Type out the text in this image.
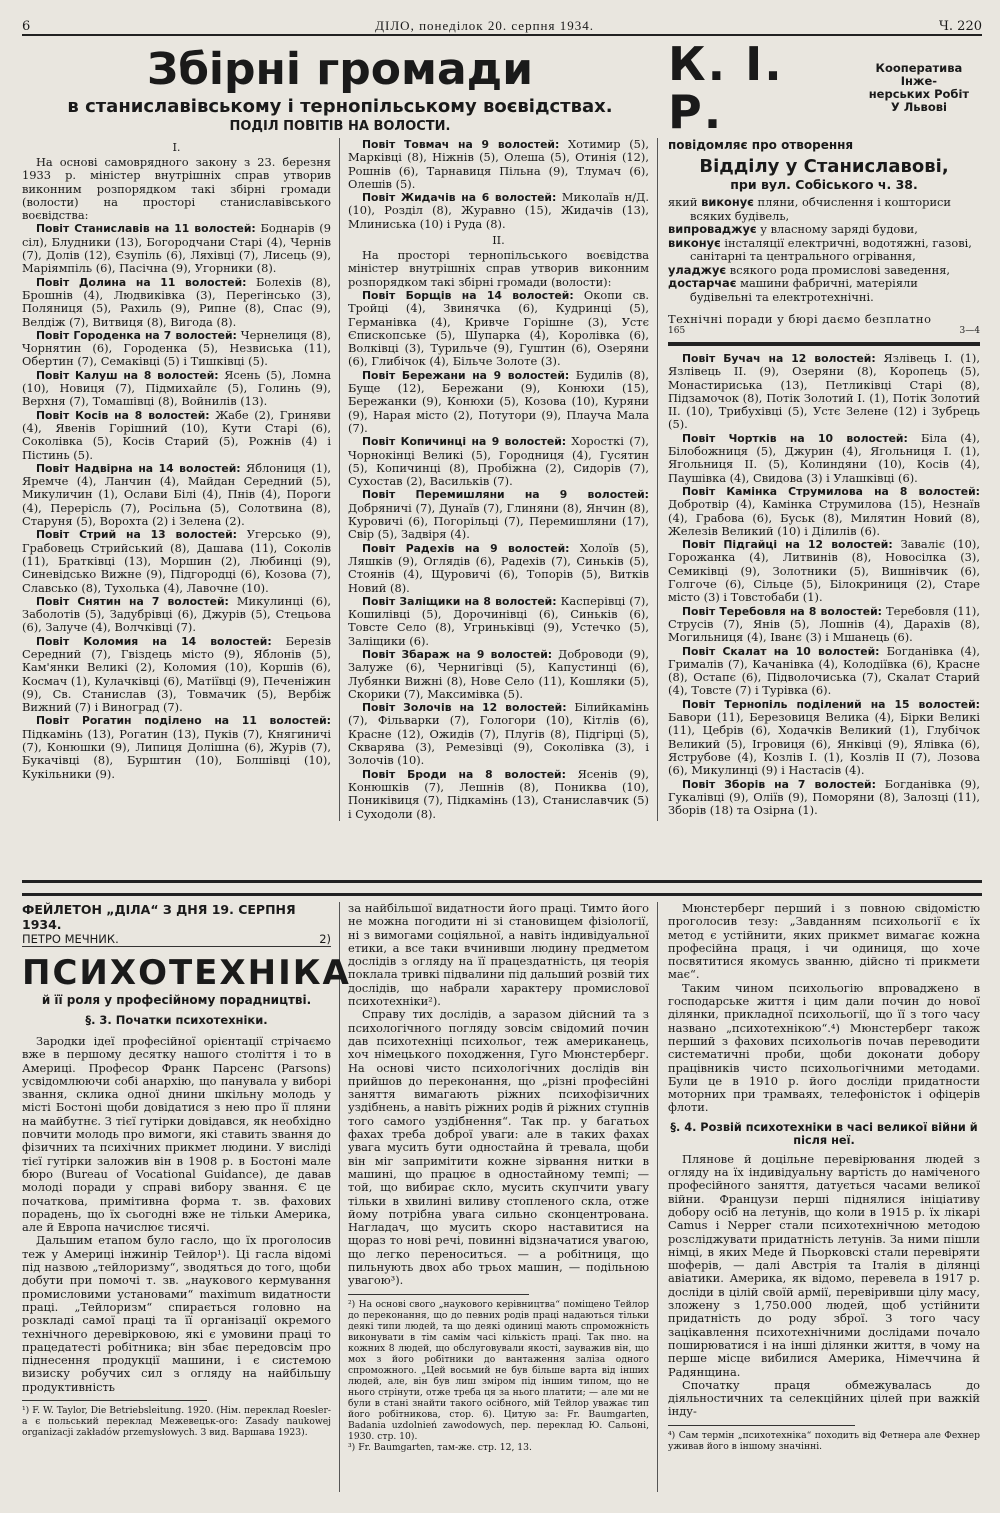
6	ДІЛО, понеділок 20. серпня 1934.	Ч. 220
Збірні громади
в станиславівському і тернопільському воєвідствах.
ПОДІЛ ПОВІТІВ НА ВОЛОСТИ.

I.

На основі самоврядного закону з 23. березня 1933 р. міністер внутрішніх справ утворив виконним розпорядком такі збірні громади (волости) на просторі станиславівського воєвідства:

Повіт Станиславів на 11 волостей: Боднарів (9 сіл), Блудники (13), Богородчани Старі (4), Чернів (7), Долів (12), Єзупіль (6), Ляхівці (7), Лисець (9), Маріямпіль (6), Пасічна (9), Угорники (8).

Повіт Долина на 11 волостей: Болехів (8), Брошнів (4), Людвиківка (3), Перегінсько (3), Поляниця (5), Рахиль (9), Рипне (8), Спас (9), Велдіж (7), Витвиця (8), Вигода (8).

Повіт Городенка на 7 волостей: Чернелиця (8), Чорнятин (6), Городенка (5), Незвиська (11), Обертин (7), Семаківці (5) і Тишківці (5).

Повіт Калуш на 8 волостей: Ясень (5), Ломна (10), Новиця (7), Підмихайлє (5), Голинь (9), Верхня (7), Томашівці (8), Войнилів (13).

Повіт Косів на 8 волостей: Жабе (2), Гриняви (4), Явенів Горішний (10), Кути Старі (6), Соколівка (5), Косів Старий (5), Рожнів (4) і Пістинь (5).

Повіт Надвірна на 14 волостей: Яблониця (1), Яремче (4), Ланчин (4), Майдан Середний (5), Микуличин (1), Ослави Білі (4), Пнів (4), Пороги (4), Перерісль (7), Росільна (5), Солотвина (8), Старуня (5), Ворохта (2) і Зелена (2).

Повіт Стрий на 13 волостей: Угерсько (9), Грабовець Стрийський (8), Дашава (11), Соколів (11), Братківці (13), Моршин (2), Любинці (9), Синевідсько Вижне (9), Підгородці (6), Козова (7), Славсько (8), Тухолька (4), Лавочне (10).

Повіт Снятин на 7 волостей: Микулинці (6), Заболотів (5), Задубрівці (6), Джурів (5), Стецьова (6), Залуче (4), Волчківці (7).

Повіт Коломия на 14 волостей: Березів Середний (7), Гвіздець місто (9), Яблонів (5), Кам'янки Великі (2), Коломия (10), Коршів (6), Космач (1), Кулачківці (6), Матіївці (9), Печеніжин (9), Св. Станислав (3), Товмачик (5), Вербіж Вижний (7) і Виноград (7).

Повіт Рогатин поділено на 11 волостей: Підкамінь (13), Рогатин (13), Пуків (7), Княгиничі (7), Конюшки (9), Липиця Долішна (6), Журів (7), Букачівці (8), Бурштин (10), Болшівці (10), Кукільники (9).

Повіт Товмач на 9 волостей: Хотимир (5), Марківці (8), Ніжнів (5), Олеша (5), Отинія (12), Рошнів (6), Тарнавиця Пільна (9), Тлумач (6), Олешів (5).

Повіт Жидачів на 6 волостей: Миколаїв н/Д. (10), Розділ (8), Журавно (15), Жидачів (13), Млиниська (10) і Руда (8).

II.

На просторі тернопільського воєвідства міністер внутрішніх справ утворив виконним розпорядком такі збірні громади (волости):

Повіт Борщів на 14 волостей: Окопи св. Тройці (4), Звинячка (6), Кудринці (5), Германівка (4), Кривче Горішне (3), Устє Єпископське (5), Шупарка (4), Королівка (6), Волківці (3), Турильче (9), Гуштин (6), Озеряни (6), Глибічок (4), Більче Золоте (3).

Повіт Бережани на 9 волостей: Будилів (8), Буще (12), Бережани (9), Конюхи (15), Бережанки (9), Конюхи (5), Козова (10), Куряни (9), Нарая місто (2), Потутори (9), Плауча Мала (7).

Повіт Копичинці на 9 волостей: Хоросткі (7), Чорнокінці Великі (5), Городниця (4), Гусятин (5), Копичинці (8), Пробіжна (2), Сидорів (7), Сухостав (2), Васильків (7).

Повіт Перемишляни на 9 волостей: Добряничі (7), Дунаїв (7), Глиняни (8), Янчин (8), Куровичі (6), Погорільці (7), Перемишляни (17), Свір (5), Задвіря (4).

Повіт Радехів на 9 волостей: Холоїв (5), Ляшків (9), Оглядів (6), Радехів (7), Синьків (5), Стоянів (4), Щуровичі (6), Топорів (5), Витків Новий (8).

Повіт Заліщики на 8 волостей: Касперівці (7), Кошилівці (5), Дорочинівці (6), Синьків (6), Товсте Село (8), Угриньківці (9), Устечко (5), Заліщики (6).

Повіт Збараж на 9 волостей: Доброводи (9), Залуже (6), Чернигівці (5), Капустинці (6), Лубянки Вижні (8), Нове Село (11), Кошляки (5), Скорики (7), Максимівка (5).

Повіт Золочів на 12 волостей: Білийкамінь (7), Фільварки (7), Гологори (10), Кітлів (6), Красне (12), Ожидів (7), Плугів (8), Підгірці (5), Скварява (3), Ремезівці (9), Соколівка (3), і Золочів (10).

Повіт Броди на 8 волостей: Ясенів (9), Конюшків (7), Лешнів (8), Пониква (10), Пониківиця (7), Підкамінь (13), Станиславчик (5) і Суходоли (8).

К. І. Р.
Кооператива Інже-
нерських Робіт
У Львові
повідомляє про отворення
Відділу у Станиславові,
при вул. Собіського ч. 38.

який виконує пляни, обчислення і кошториси всяких будівель,

випроваджує у власному заряді будови,

виконує інсталяції електричні, водотяжні, газові, санітарні та центрального огрівання,

уладжує всякого рода промислові заведення,

достарчає машини фабричні, матеріяли будівельні та електротехнічні.

Технічні поради у бюрі даємо безплатно
165	3—4

Повіт Бучач на 12 волостей: Язлівець І. (1), Язлівець ІІ. (9), Озеряни (8), Коропець (5), Монастириська (13), Петликівці Старі (8), Підзамочок (8), Потік Золотий І. (1), Потік Золотий ІІ. (10), Трибухівці (5), Устє Зелене (12) і Зубрець (5).

Повіт Чортків на 10 волостей: Біла (4), Білобожниця (5), Джурин (4), Ягольниця І. (1), Ягольниця ІІ. (5), Колиндяни (10), Косів (4), Паушівка (4), Свидова (3) і Улашківці (6).

Повіт Камінка Струмилова на 8 волостей: Добротвір (4), Камінка Струмилова (15), Незнаїв (4), Грабова (6), Буськ (8), Милятин Новий (8), Железів Великий (10) і Ділилів (6).

Повіт Підгайці на 12 волостей: Заваліє (10), Горожанка (4), Литвинів (8), Новосілка (3), Семиківці (9), Золотники (5), Вишнівчик (6), Голгоче (6), Сільце (5), Білокриниця (2), Старе місто (3) і Товстобаби (1).

Повіт Теребовля на 8 волостей: Теребовля (11), Струсів (7), Янів (5), Лошнів (4), Дарахів (8), Могильниця (4), Іванє (3) і Мшанець (6).

Повіт Скалат на 10 волостей: Богданівка (4), Грималів (7), Качанівка (4), Колодіївка (6), Красне (8), Остапє (6), Підволочиська (7), Скалат Старий (4), Товсте (7) і Турівка (6).

Повіт Тернопіль поділений на 15 волостей: Бавори (11), Березовиця Велика (4), Бірки Великі (11), Цебрів (6), Ходачків Великий (1), Глубічок Великий (5), Ігровиця (6), Янківці (9), Ялівка (6), Яструбове (4), Козлів І. (1), Козлів ІІ (7), Лозова (6), Микулинці (9) і Настасів (4).

Повіт Зборів на 7 волостей: Богданівка (9), Гукалівці (9), Оліїв (9), Поморяни (8), Залозці (11), Зборів (18) та Озірна (1).

ФЕЙЛЕТОН „ДІЛА“ З ДНЯ 19. СЕРПНЯ 1934.
ПЕТРО МЕЧНИК.	2)
ПСИХОТЕХНІКА
й її роля у професійному порадництві.
§. 3. Початки психотехніки.

Зародки ідеї професійної орієнтації стрічаємо вже в першому десятку нашого століття і то в Америці. Професор Франк Парсенс (Parsons) усвідомлюючи собі анархію, що панувала у виборі звання, склика одної днини шкільну молодь у місті Бостоні щоби довідатися з нею про її пляни на майбутнє. З тієї гутірки довідався, як необхідно повчити молодь про вимоги, які ставить звання до фізичних та психічних прикмет людини. У висліді тієї гутірки заложив він в 1908 р. в Бостоні мале бюро (Bureau of Vocational Guidance), де давав молоді поради у справі вибору звання. Є це початкова, примітивна форма т. зв. фахових порадень, що їх сьогодні вже не тільки Америка, але й Европа начислює тисячі.

Дальшим етапом було гасло, що їх проголосив теж у Америці інжинір Тейлор¹). Ці гасла відомі під назвою „тейлоризму“, зводяться до того, щоби добути при помочі т. зв. „наукового кермування промисловими установами“ maximum видатности праці. „Тейлоризм“ спирається головно на розкладі самої праці та її організації окремого технічного деревірковою, які є умовини праці то працедатесті робітника; він збає передовсім про піднесення продукції машини, і є системою визиску робучих сил з огляду на найбільшу продуктивність

¹) F. W. Taylor, Die Betriebsleitung. 1920. (Нім. переклад Roesler-а є польський переклад Межевецьк-ого: Zasady naukowej organizacji zakładów przemysłowych. 3 вид. Варшава 1923).

за найбільшої видатности його праці. Тимто його не можна погодити ні зі становищем фізіології, ні з вимогами соціяльної, а навіть індивідуальної етики, а все таки вчинивши людину предметом дослідів з огляду на її працездатність, ця теорія поклала тривкі підвалини під дальший розвій тих дослідів, що набрали характеру промислової психотехніки²).

Справу тих дослідів, а заразом дійсний та з психологічного погляду зовсім свідомий почин дав психотехніці психольог, теж американець, хоч німецького походження, Гуго Мюнстерберг. На основі чисто психологічних дослідів він прийшов до переконання, що „різні професійні заняття вимагають ріжних психофізичних уздібнень, а навіть ріжних родів й ріжних ступнів того самого уздібнення“. Так пр. у багатьох фахах треба доброї уваги: але в таких фахах увага мусить бути одностайна й тревала, щоби він міг запримітити кожне зірвання нитки в машині, що працює в одностайному темпі; — той, що вибирає скло, мусить скупчити увагу тільки в хвилині виливу стопленого скла, отже йому потрібна увага сильно сконцентрована. Нагладач, що мусить скоро наставитися на щораз то нові речі, повинні відзначатися увагою, що легко переноситься. — а робітниця, що пильнують двох або трьох машин, — подільною увагою³).

²) На основі свого „наукового керівництва“ поміщено Тейлор до переконання, що до певних родів праці надаються тільки деякі типи людей, та що деякі одиниці мають спроможність виконувати в тім самім часі кількість праці. Так пно. на кожних 8 людей, що обслуговували якості, зауважив він, що мох з його робітники до вантаження заліза одного спроможного. „Цей восьмий не був більше варта від інших людей, але, він був лиш зміром під іншим типом, що не нього стрінути, отже треба ця за нього платити; — але ми не були в стані знайти такого осібного, мій Тейлор уважає тип його робітникова, стор. 6). Цитую за: Fr. Baumgarten, Badania uzdolnień zawodowych, пер. переклад Ю. Сальоні, 1930. стр. 10).

³) Fr. Baumgarten, там-же. стр. 12, 13.

Мюнстерберг перший і з повною свідомістю проголосив тезу: „Завданням психольогії є їх метод є устійнити, яких прикмет вимагає кожна професійна праця, і чи одиниця, що хоче посвятитися якомусь званню, дійсно ті прикмети має“.

Таким чином психольогію впроваджено в господарське життя і цим дали почин до нової ділянки, прикладної психольогії, що її з того часу названо „психотехнікою“.⁴) Мюнстерберг також перший з фахових психольогів почав переводити систематичні проби, щоби доконати добору працівників чисто психольогічними методами. Були це в 1910 р. його досліди придатности моторних при трамваях, телефоністок і офіцерів флоти.

§. 4. Розвій психотехніки в часі великої війни й після неї.

Плянове й доцільне перевірювання людей з огляду на їх індивідуальну вартість до наміченого професійного заняття, датується часами великої війни. Французи перші піднялися ініціативу добору осіб на летунів, що коли в 1915 р. їх лікарі Camus і Nepper стали психотехнічною методою розсліджувати придатність летунів. За ними пішли німці, в яких Меде й Пьорковскі стали перевіряти шоферів, — далі Австрія та Італія в ділянці авіатики. Америка, як відомо, перевела в 1917 р. досліди в цілій своїй армії, перевіривши цілу масу, зложену з 1,750.000 людей, щоб устійнити придатність до роду зброї. З того часу зацікавлення психотехнічними дослідами почало поширюватися і на інші ділянки життя, в чому на перше місце вибилися Америка, Німеччина й Радянщина.

Спочатку праця обмежувалась до діяльностичних та селекційних цілей при важкій інду-

⁴) Сам термін „психотехніка“ походить від Фетнера але Фехнер уживав його в іншому значінні.
